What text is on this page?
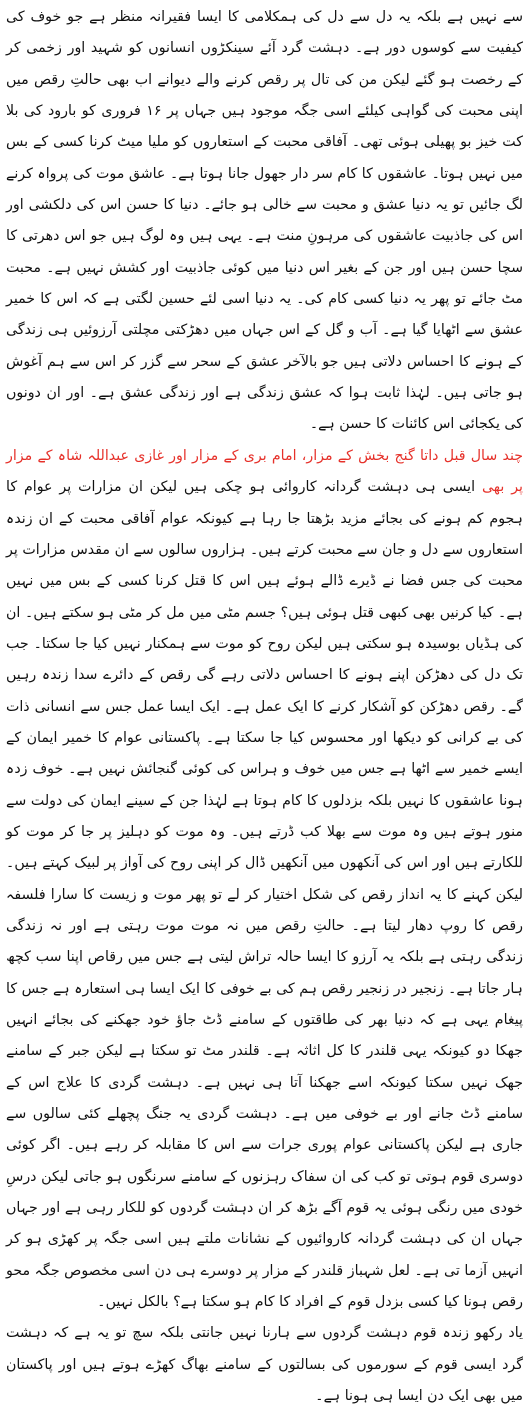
سے نہیں ہے بلکہ یہ دل سے دل کی ہمکلامی کا ایسا فقیرانہ منظر ہے جو خوف کی کیفیت سے کوسوں دور ہے۔ دہشت گرد آئے سینکڑوں انسانوں کو شہید اور زخمی کر کے رخصت ہو گئے لیکن من کی تال پر رقص کرنے والے دیوانے اب بھی حالتِ رقص میں اپنی محبت کی گواہی کیلئے اسی جگہ موجود ہیں جہاں پر ۱۶ فروری کو بارود کی بلا کت خیز بو پھیلی ہوئی تھی۔ آفاقی محبت کے استعاروں کو ملیا میٹ کرنا کسی کے بس میں نہیں ہوتا۔ عاشقوں کا کام سر دار جھول جانا ہوتا ہے۔ عاشق موت کی پرواہ کرنے لگ جائیں تو یہ دنیا عشق و محبت سے خالی ہو جائے۔ دنیا کا حسن اس کی دلکشی اور اس کی جاذبیت عاشقوں کی مرہونِ منت ہے۔ یہی ہیں وہ لوگ ہیں جو اس دھرتی کا سچا حسن ہیں اور جن کے بغیر اس دنیا میں کوئی جاذبیت اور کشش نہیں ہے۔ محبت مٹ جائے تو پھر یہ دنیا کسی کام کی۔ یہ دنیا اسی لئے حسین لگتی ہے کہ اس کا خمیر عشق سے اٹھایا گیا ہے۔ آب و گل کے اس جہاں میں دھڑکتی مچلتی آرزوئیں ہی زندگی کے ہونے کا احساس دلاتی ہیں جو بالآخر عشق کے سحر سے گزر کر اس سے ہم آغوش ہو جاتی ہیں۔ لہٰذا ثابت ہوا کہ عشق زندگی ہے اور زندگی عشق ہے۔ اور ان دونوں کی یکجائی اس کائنات کا حسن ہے۔

چند سال قبل داتا گنج بخش کے مزار، امام بری کے مزار اور غازی عبداللہ شاہ کے مزار پر بھی ایسی ہی دہشت گردانہ کاروائی ہو چکی ہیں لیکن ان مزارات پر عوام کا ہجوم کم ہونے کی بجائے مزید بڑھتا جا رہا ہے کیونکہ عوام آفاقی محبت کے ان زندہ استعاروں سے دل و جان سے محبت کرتے ہیں۔ ہزاروں سالوں سے ان مقدس مزارات پر محبت کی جس فضا نے ڈیرے ڈالے ہوئے ہیں اس کا قتل کرنا کسی کے بس میں نہیں ہے۔ کیا کرنیں بھی کبھی قتل ہوئی ہیں؟ جسم مٹی میں مل کر مٹی ہو سکتے ہیں۔ ان کی ہڈیاں بوسیدہ ہو سکتی ہیں لیکن روح کو موت سے ہمکنار نہیں کیا جا سکتا۔ جب تک دل کی دھڑکن اپنے ہونے کا احساس دلاتی رہے گی رقص کے دائرے سدا زندہ رہیں گے۔ رقص دھڑکن کو آشکار کرنے کا ایک عمل ہے۔ ایک ایسا عمل جس سے انسانی ذات کی بے کرانی کو دیکھا اور محسوس کیا جا سکتا ہے۔ پاکستانی عوام کا خمیر ایمان کے ایسے خمیر سے اٹھا ہے جس میں خوف و ہراس کی کوئی گنجائش نہیں ہے۔ خوف زدہ ہونا عاشقوں کا نہیں بلکہ بزدلوں کا کام ہوتا ہے لہٰذا جن کے سینے ایمان کی دولت سے منور ہوتے ہیں وہ موت سے بھلا کب ڈرتے ہیں۔ وہ موت کو دہلیز پر جا کر موت کو للکارتے ہیں اور اس کی آنکھوں میں آنکھیں ڈال کر اپنی روح کی آواز پر لبیک کہتے ہیں۔ لیکن کہنے کا یہ انداز رقص کی شکل اختیار کر لے تو پھر موت و زیست کا سارا فلسفہ رقص کا روپ دھار لیتا ہے۔ حالتِ رقص میں نہ موت موت رہتی ہے اور نہ زندگی زندگی رہتی ہے بلکہ یہ آرزو کا ایسا حالہ تراش لیتی ہے جس میں رقاص اپنا سب کچھ ہار جاتا ہے۔ زنجیر در زنجیر رقص ہم کی بے خوفی کا ایک ایسا ہی استعارہ ہے جس کا پیغام یہی ہے کہ دنیا بھر کی طاقتوں کے سامنے ڈٹ جاؤ خود جھکنے کی بجائے انہیں جھکا دو کیونکہ یہی قلندر کا کل اثاثہ ہے۔ قلندر مٹ تو سکتا ہے لیکن جبر کے سامنے جھک نہیں سکتا کیونکہ اسے جھکنا آتا ہی نہیں ہے۔ دہشت گردی کا علاج اس کے سامنے ڈٹ جانے اور بے خوفی میں ہے۔ دہشت گردی یہ جنگ پچھلے کئی سالوں سے جاری ہے لیکن پاکستانی عوام پوری جرات سے اس کا مقابلہ کر رہے ہیں۔ اگر کوئی دوسری قوم ہوتی تو کب کی ان سفاک رہزنوں کے سامنے سرنگوں ہو جاتی لیکن درسِ خودی میں رنگی ہوئی یہ قوم آگے بڑھ کر ان دہشت گردوں کو للکار رہی ہے اور جہاں جہاں ان کی دہشت گردانہ کاروائیوں کے نشانات ملتے ہیں اسی جگہ پر کھڑی ہو کر انہیں آزما تی ہے۔ لعل شہباز قلندر کے مزار پر دوسرے ہی دن اسی مخصوص جگہ محو رقص ہونا کیا کسی بزدل قوم کے افراد کا کام ہو سکتا ہے؟ بالکل نہیں۔

یاد رکھو زندہ قوم دہشت گردوں سے ہارنا نہیں جانتی بلکہ سچ تو یہ ہے کہ دہشت گرد ایسی قوم کے سورموں کی بسالتوں کے سامنے بھاگ کھڑے ہوتے ہیں اور پاکستان میں بھی ایک دن ایسا ہی ہونا ہے۔
